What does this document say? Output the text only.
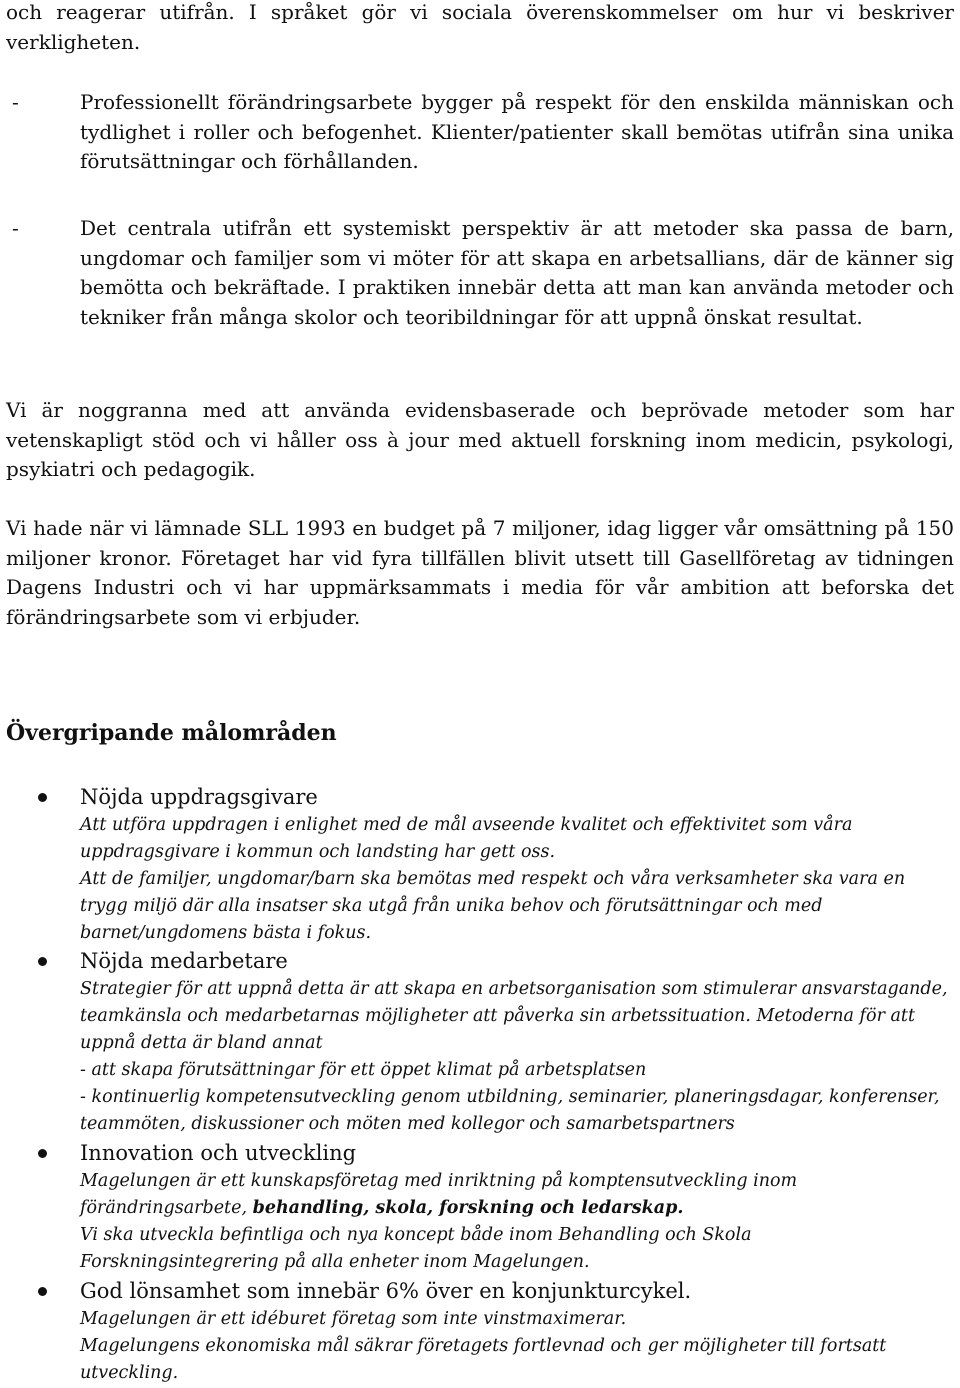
och reagerar utifrån. I språket gör vi sociala överenskommelser om hur vi beskriver verkligheten.

-	Professionellt förändringsarbete bygger på respekt för den enskilda människan och tydlighet i roller och befogenhet. Klienter/patienter skall bemötas utifrån sina unika förutsättningar och förhållanden.
-	Det centrala utifrån ett systemiskt perspektiv är att metoder ska passa de barn, ungdomar och familjer som vi möter för att skapa en arbetsallians, där de känner sig bemötta och bekräftade. I praktiken innebär detta att man kan använda metoder och tekniker från många skolor och teoribildningar för att uppnå önskat resultat.

Vi är noggranna med att använda evidensbaserade och beprövade metoder som har vetenskapligt stöd och vi håller oss à jour med aktuell forskning inom medicin, psykologi, psykiatri och pedagogik.

Vi hade när vi lämnade SLL 1993 en budget på 7 miljoner, idag ligger vår omsättning på 150 miljoner kronor. Företaget har vid fyra tillfällen blivit utsett till Gasellföretag av tidningen Dagens Industri och vi har uppmärksammats i media för vår ambition att beforska det förändringsarbete som vi erbjuder.

Övergripande målområden
Nöjda uppdragsgivare

Att utföra uppdragen i enlighet med de mål avseende kvalitet och effektivitet som våra uppdragsgivare i kommun och landsting har gett oss.

Att de familjer, ungdomar/barn ska bemötas med respekt och våra verksamheter ska vara en trygg miljö där alla insatser ska utgå från unika behov och förutsättningar och med barnet/ungdomens bästa i fokus.

Nöjda medarbetare

Strategier för att uppnå detta är att skapa en arbetsorganisation som stimulerar ansvarstagande, teamkänsla och medarbetarnas möjligheter att påverka sin arbetssituation. Metoderna för att uppnå detta är bland annat

- att skapa förutsättningar för ett öppet klimat på arbetsplatsen

- kontinuerlig kompetensutveckling genom utbildning, seminarier, planeringsdagar, konferenser, teammöten, diskussioner och möten med kollegor och samarbetspartners

Innovation och utveckling

Magelungen är ett kunskapsföretag med inriktning på komptensutveckling inom förändringsarbete, behandling, skola, forskning och ledarskap.

Vi ska utveckla befintliga och nya koncept både inom Behandling och Skola

Forskningsintegrering på alla enheter inom Magelungen.

God lönsamhet som innebär 6% över en konjunkturcykel.

Magelungen är ett idéburet företag som inte vinstmaximerar.

Magelungens ekonomiska mål säkrar företagets fortlevnad och ger möjligheter till fortsatt utveckling.
